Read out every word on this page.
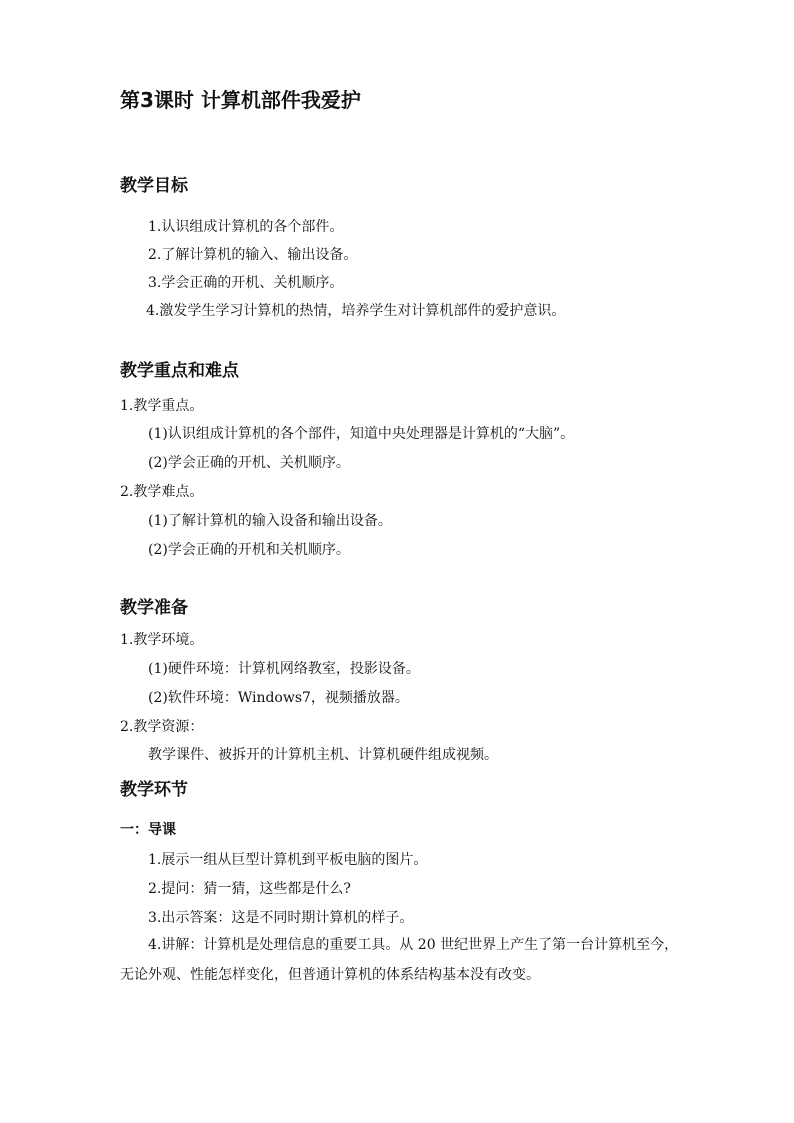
第3课时 计算机部件我爱护
教学目标
1.认识组成计算机的各个部件。
2.了解计算机的输入、输出设备。
3.学会正确的开机、关机顺序。
4.激发学生学习计算机的热情，培养学生对计算机部件的爱护意识。
教学重点和难点
1.教学重点。
(1)认识组成计算机的各个部件，知道中央处理器是计算机的“大脑”。
(2)学会正确的开机、关机顺序。
2.教学难点。
(1)了解计算机的输入设备和输出设备。
(2)学会正确的开机和关机顺序。
教学准备
1.教学环境。
(1)硬件环境：计算机网络教室，投影设备。
(2)软件环境：Windows7，视频播放器。
2.教学资源：
教学课件、被拆开的计算机主机、计算机硬件组成视频。
教学环节
一：导课
1.展示一组从巨型计算机到平板电脑的图片。
2.提问：猜一猜，这些都是什么?
3.出示答案：这是不同时期计算机的样子。
4.讲解：计算机是处理信息的重要工具。从 20 世纪世界上产生了第一台计算机至今，无论外观、性能怎样变化，但普通计算机的体系结构基本没有改变。
